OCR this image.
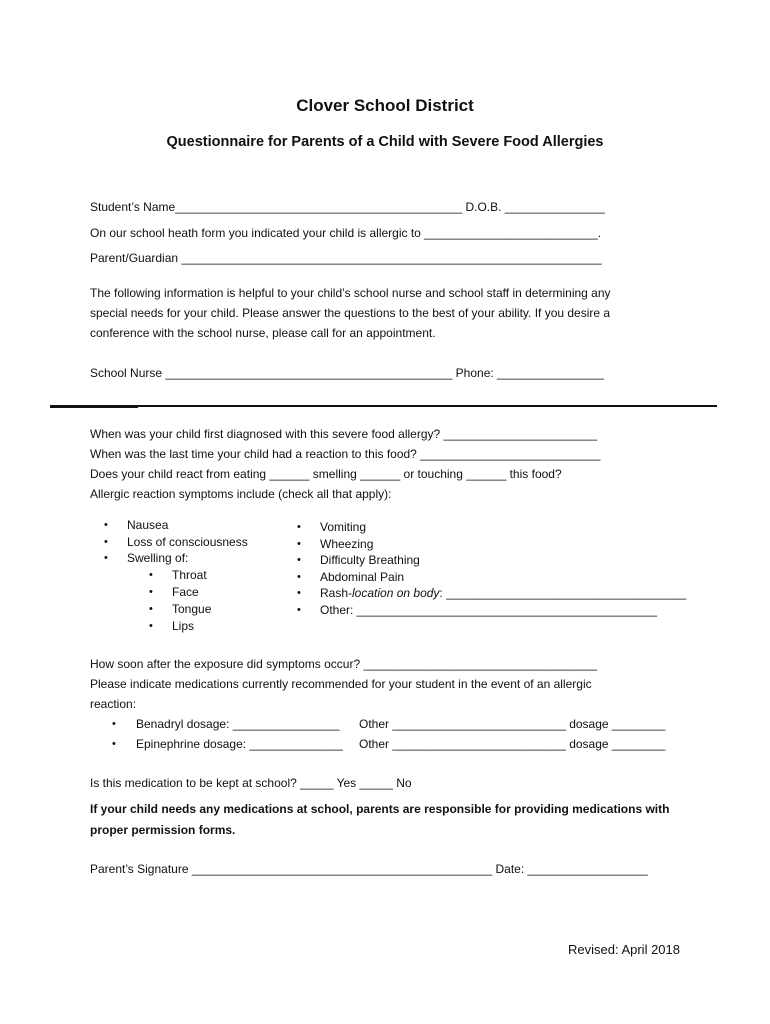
Clover School District
Questionnaire for Parents of a Child with Severe Food Allergies
Student’s Name___________________________________________ D.O.B. _______________
On our school heath form you indicated your child is allergic to __________________________.
Parent/Guardian _______________________________________________________________
The following information is helpful to your child’s school nurse and school staff in determining any
special needs for your child. Please answer the questions to the best of your ability. If you desire a
conference with the school nurse, please call for an appointment.
School Nurse ___________________________________________ Phone: ________________
When was your child first diagnosed with this severe food allergy? _______________________
When was the last time your child had a reaction to this food? ___________________________
Does your child react from eating ______ smelling ______ or touching ______ this food?
Allergic reaction symptoms include (check all that apply):
• Nausea
• Loss of consciousness
• Swelling of:
• Throat
• Face
• Tongue
• Lips
• Vomiting
• Wheezing
• Difficulty Breathing
• Abdominal Pain
• Rash-location on body: ____________________________________
• Other: _____________________________________________
How soon after the exposure did symptoms occur? ___________________________________
Please indicate medications currently recommended for your student in the event of an allergic
reaction:
• Benadryl dosage: ________________ Other __________________________ dosage ________
• Epinephrine dosage: ______________ Other __________________________ dosage ________
Is this medication to be kept at school? _____ Yes _____ No
If your child needs any medications at school, parents are responsible for providing medications with
proper permission forms.
Parent’s Signature _____________________________________________ Date: __________________
Revised: April 2018
